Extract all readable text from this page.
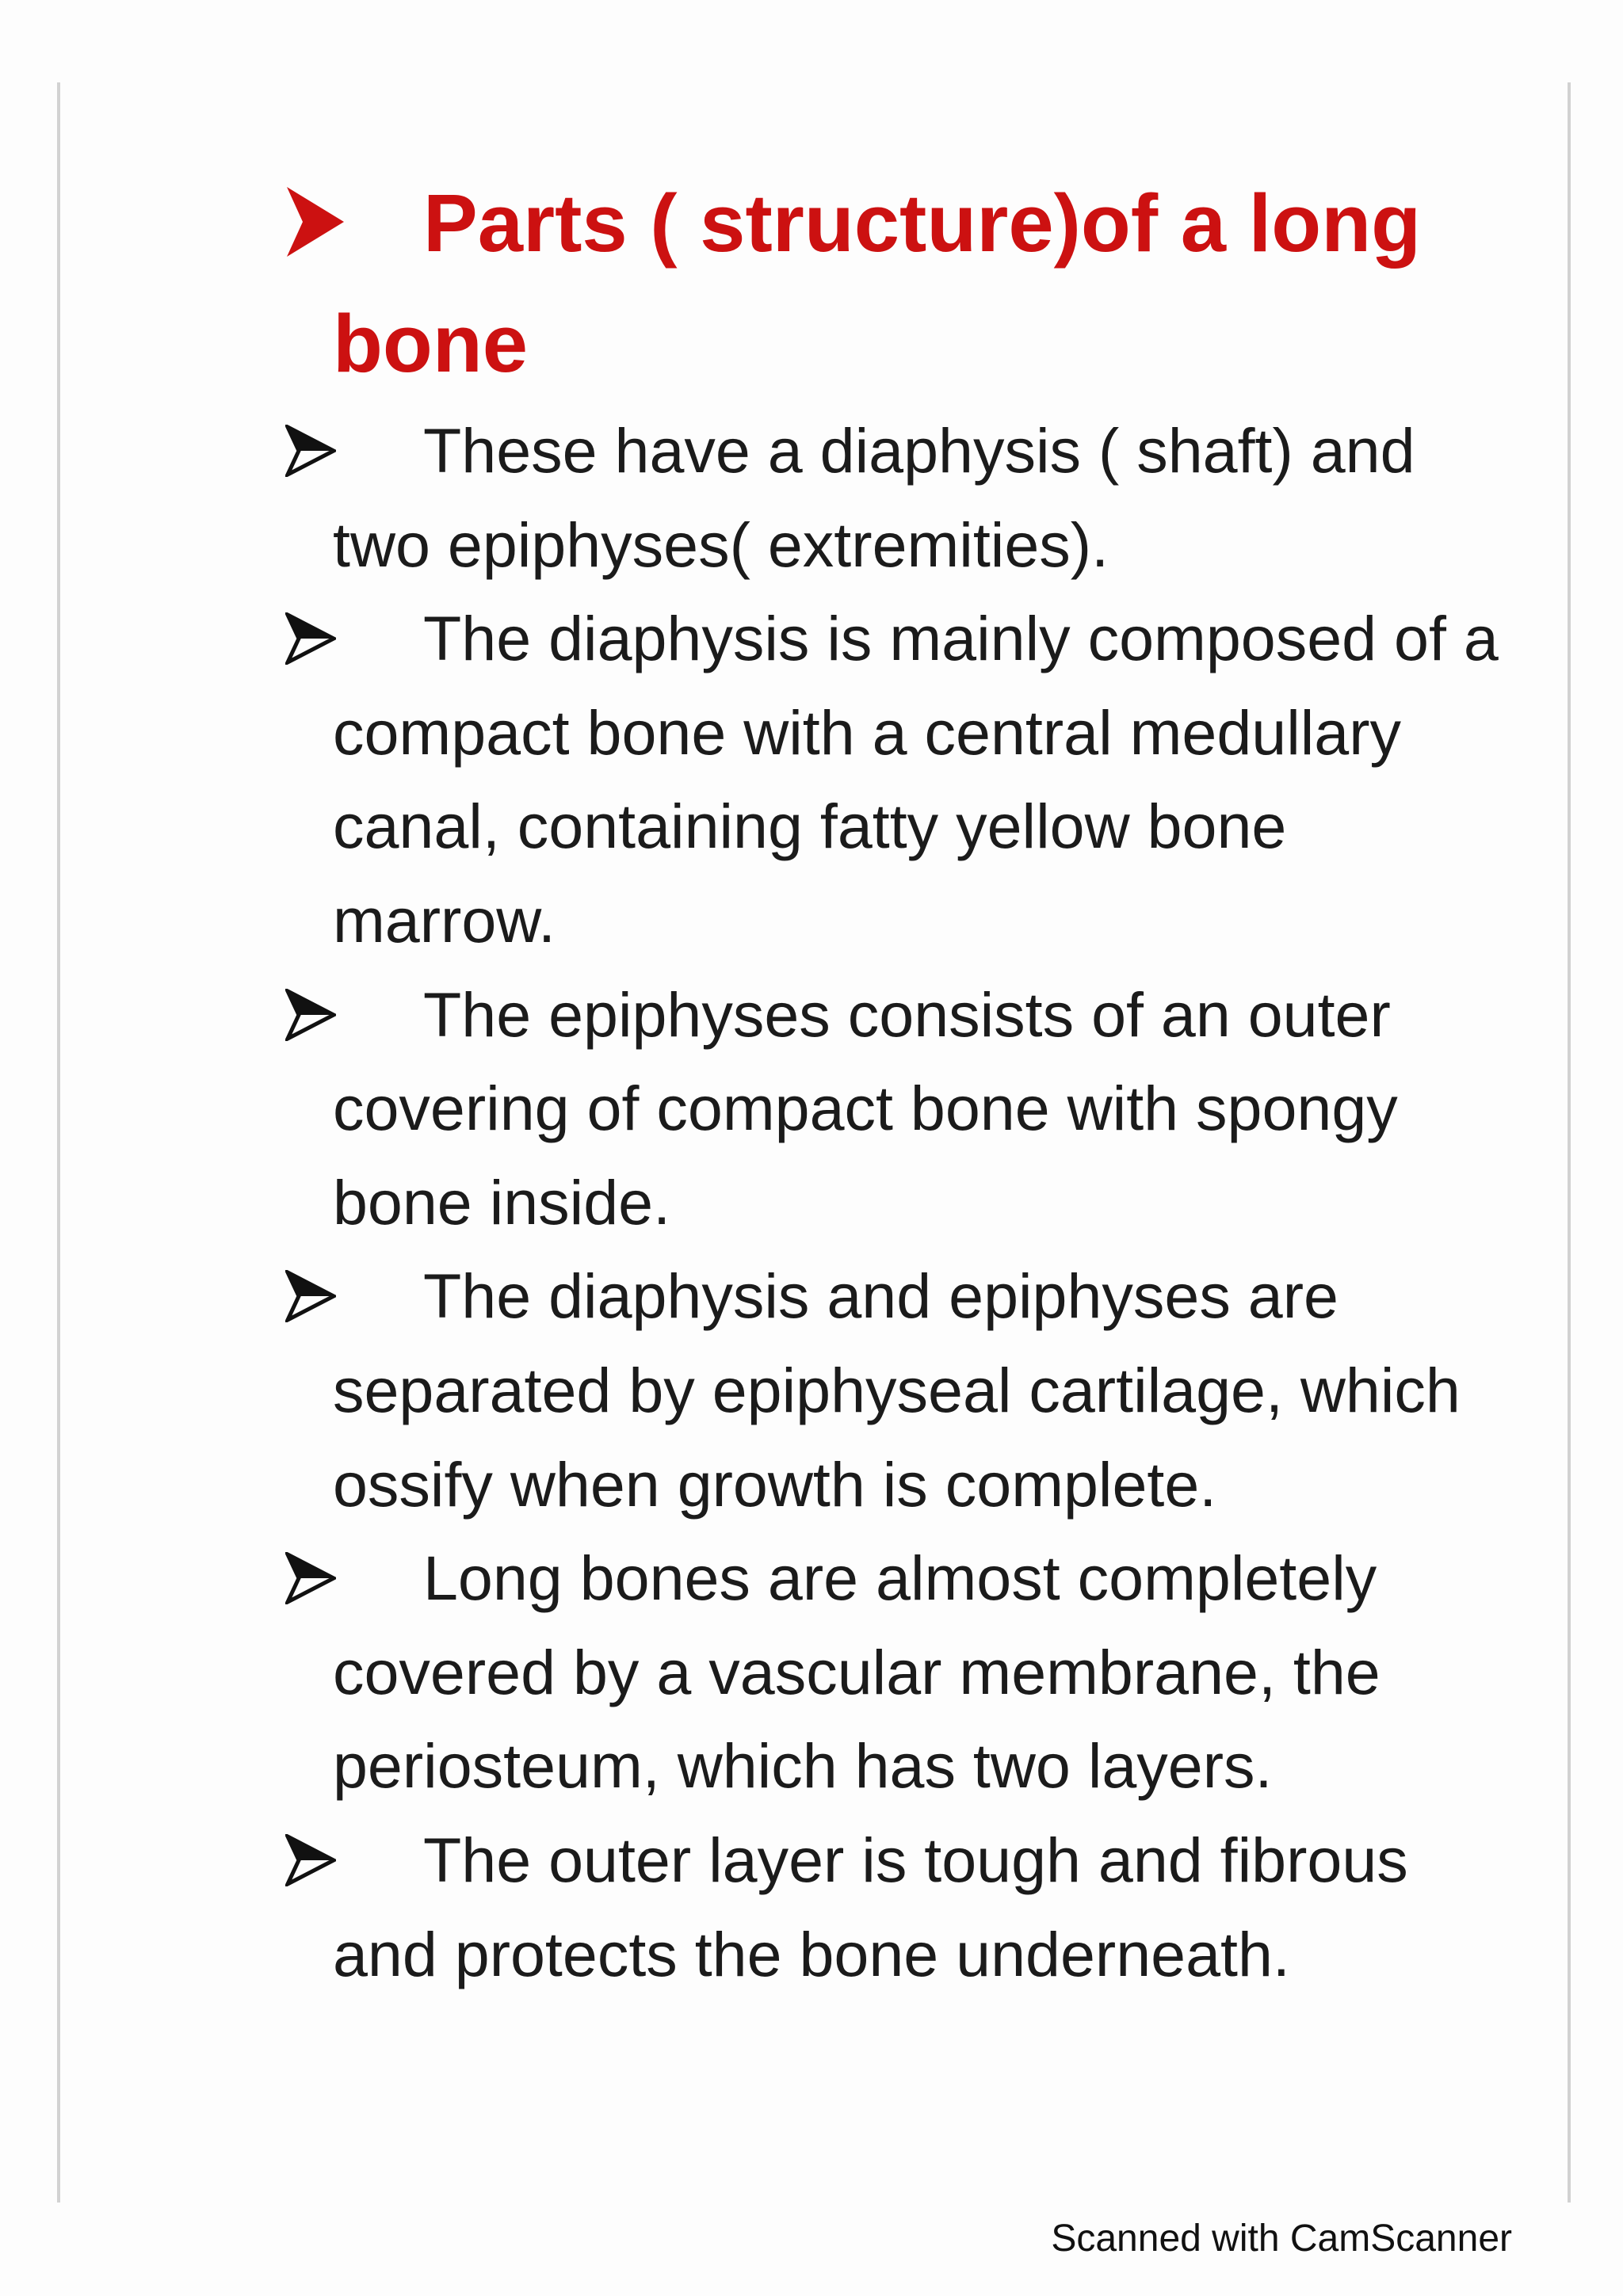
Parts ( structure)of a long bone
These have a diaphysis ( shaft) and two epiphyses( extremities).
The diaphysis is mainly composed of a compact bone with a central medullary canal, containing fatty yellow bone marrow.
The epiphyses consists of an outer covering of compact bone with spongy bone inside.
The diaphysis and epiphyses are separated by epiphyseal cartilage, which ossify when growth is complete.
Long bones are almost completely covered by a vascular membrane, the periosteum, which has two layers.
The outer layer is tough and fibrous and protects the bone underneath.
Scanned with CamScanner
